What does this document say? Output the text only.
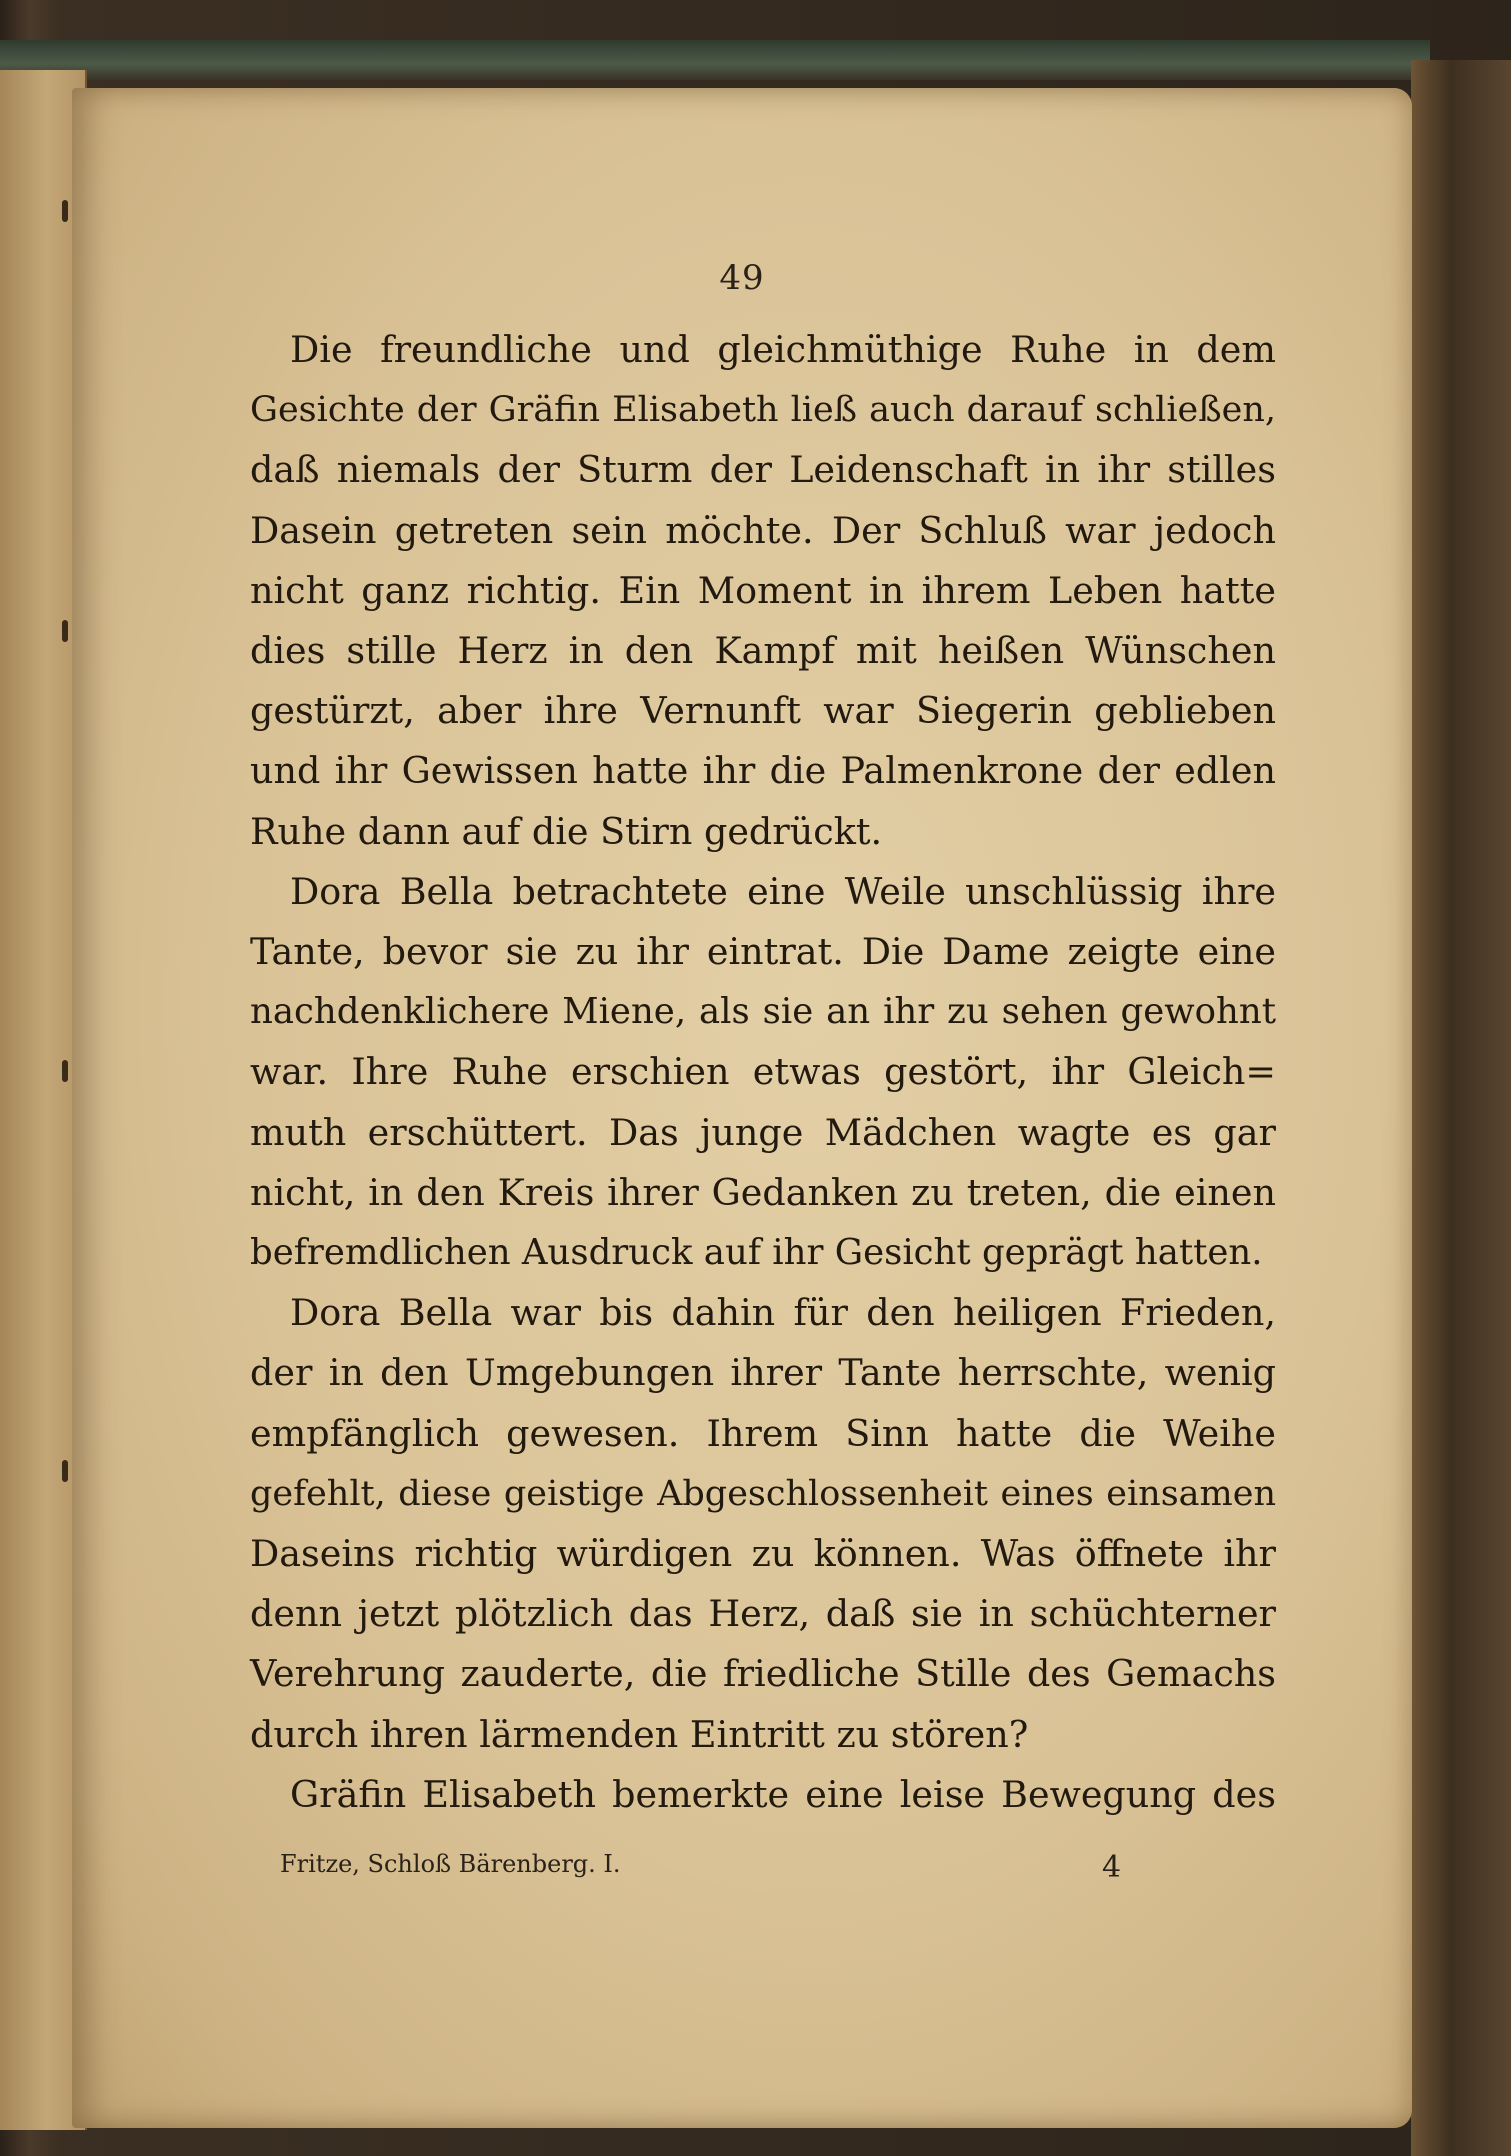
49
Die freundliche und gleichmüthige Ruhe in dem
Gesichte der Gräfin Elisabeth ließ auch darauf schließen,
daß niemals der Sturm der Leidenschaft in ihr stilles
Dasein getreten sein möchte. Der Schluß war jedoch
nicht ganz richtig. Ein Moment in ihrem Leben hatte
dies stille Herz in den Kampf mit heißen Wünschen
gestürzt, aber ihre Vernunft war Siegerin geblieben
und ihr Gewissen hatte ihr die Palmenkrone der edlen
Ruhe dann auf die Stirn gedrückt.
Dora Bella betrachtete eine Weile unschlüssig ihre
Tante, bevor sie zu ihr eintrat. Die Dame zeigte eine
nachdenklichere Miene, als sie an ihr zu sehen gewohnt
war. Ihre Ruhe erschien etwas gestört, ihr Gleich=
muth erschüttert. Das junge Mädchen wagte es gar
nicht, in den Kreis ihrer Gedanken zu treten, die einen
befremdlichen Ausdruck auf ihr Gesicht geprägt hatten.
Dora Bella war bis dahin für den heiligen Frieden,
der in den Umgebungen ihrer Tante herrschte, wenig
empfänglich gewesen. Ihrem Sinn hatte die Weihe
gefehlt, diese geistige Abgeschlossenheit eines einsamen
Daseins richtig würdigen zu können. Was öffnete ihr
denn jetzt plötzlich das Herz, daß sie in schüchterner
Verehrung zauderte, die friedliche Stille des Gemachs
durch ihren lärmenden Eintritt zu stören?
Gräfin Elisabeth bemerkte eine leise Bewegung des
Fritze, Schloß Bärenberg. I.	4
